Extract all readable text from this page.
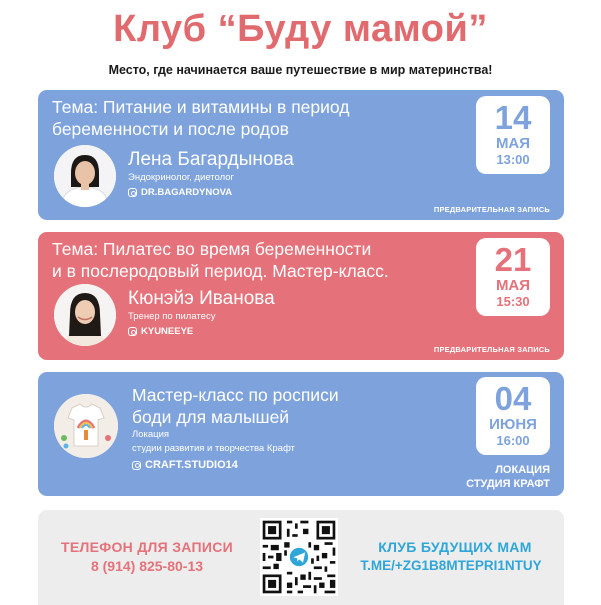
Клуб “Буду мамой”
Место, где начинается ваше путешествие в мир материнства!
Тема: Питание и витамины в период
беременности и после родов
Лена Багардынова
Эндокринолог, диетолог
DR.BAGARDYNOVA
14
МАЯ
13:00
ПРЕДВАРИТЕЛЬНАЯ ЗАПИСЬ
Тема: Пилатес во время беременности
и в послеродовый период. Мастер-класс.
Кюнэйэ Иванова
Тренер по пилатесу
KYUNEEYE
21
МАЯ
15:30
ПРЕДВАРИТЕЛЬНАЯ ЗАПИСЬ
Мастер-класс по росписи
боди для малышей
Локация
студии развития и творчества Крафт
CRAFT.STUDIO14
04
ИЮНЯ
16:00
ЛОКАЦИЯ
СТУДИЯ КРАФТ
ТЕЛЕФОН ДЛЯ ЗАПИСИ
8 (914) 825-80-13
КЛУБ БУДУЩИХ МАМ
T.ME/+ZG1B8MTEPRI1NTUY
